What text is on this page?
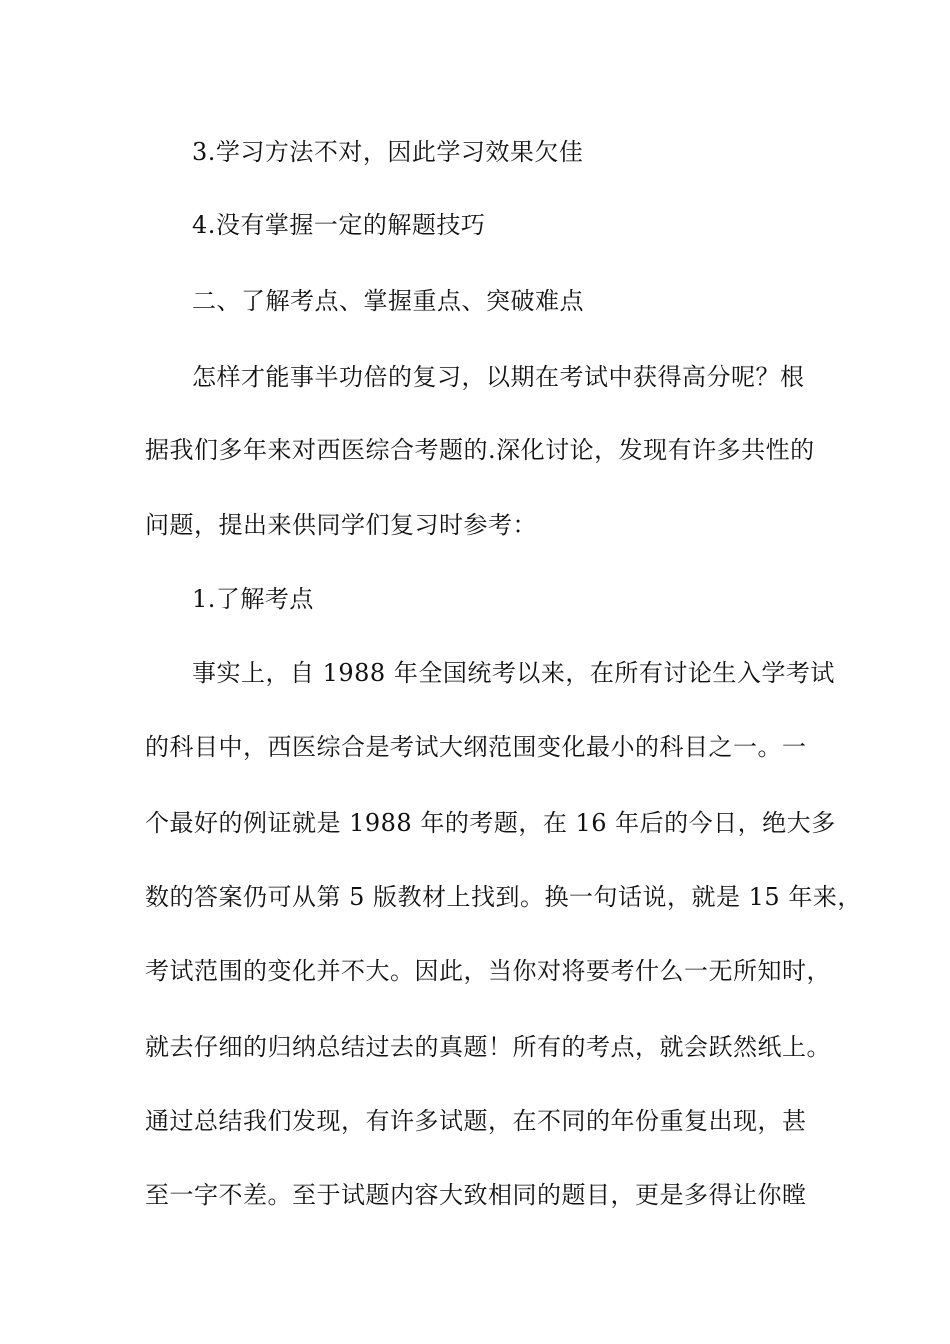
3.学习方法不对，因此学习效果欠佳
4.没有掌握一定的解题技巧
二、了解考点、掌握重点、突破难点
怎样才能事半功倍的复习，以期在考试中获得高分呢？根
据我们多年来对西医综合考题的.深化讨论，发现有许多共性的
问题，提出来供同学们复习时参考：
1.了解考点
事实上，自 1988 年全国统考以来，在所有讨论生入学考试
的科目中，西医综合是考试大纲范围变化最小的科目之一。一
个最好的例证就是 1988 年的考题，在 16 年后的今日，绝大多
数的答案仍可从第 5 版教材上找到。换一句话说，就是 15 年来，
考试范围的变化并不大。因此，当你对将要考什么一无所知时，
就去仔细的归纳总结过去的真题！所有的考点，就会跃然纸上。
通过总结我们发现，有许多试题，在不同的年份重复出现，甚
至一字不差。至于试题内容大致相同的题目，更是多得让你瞠
